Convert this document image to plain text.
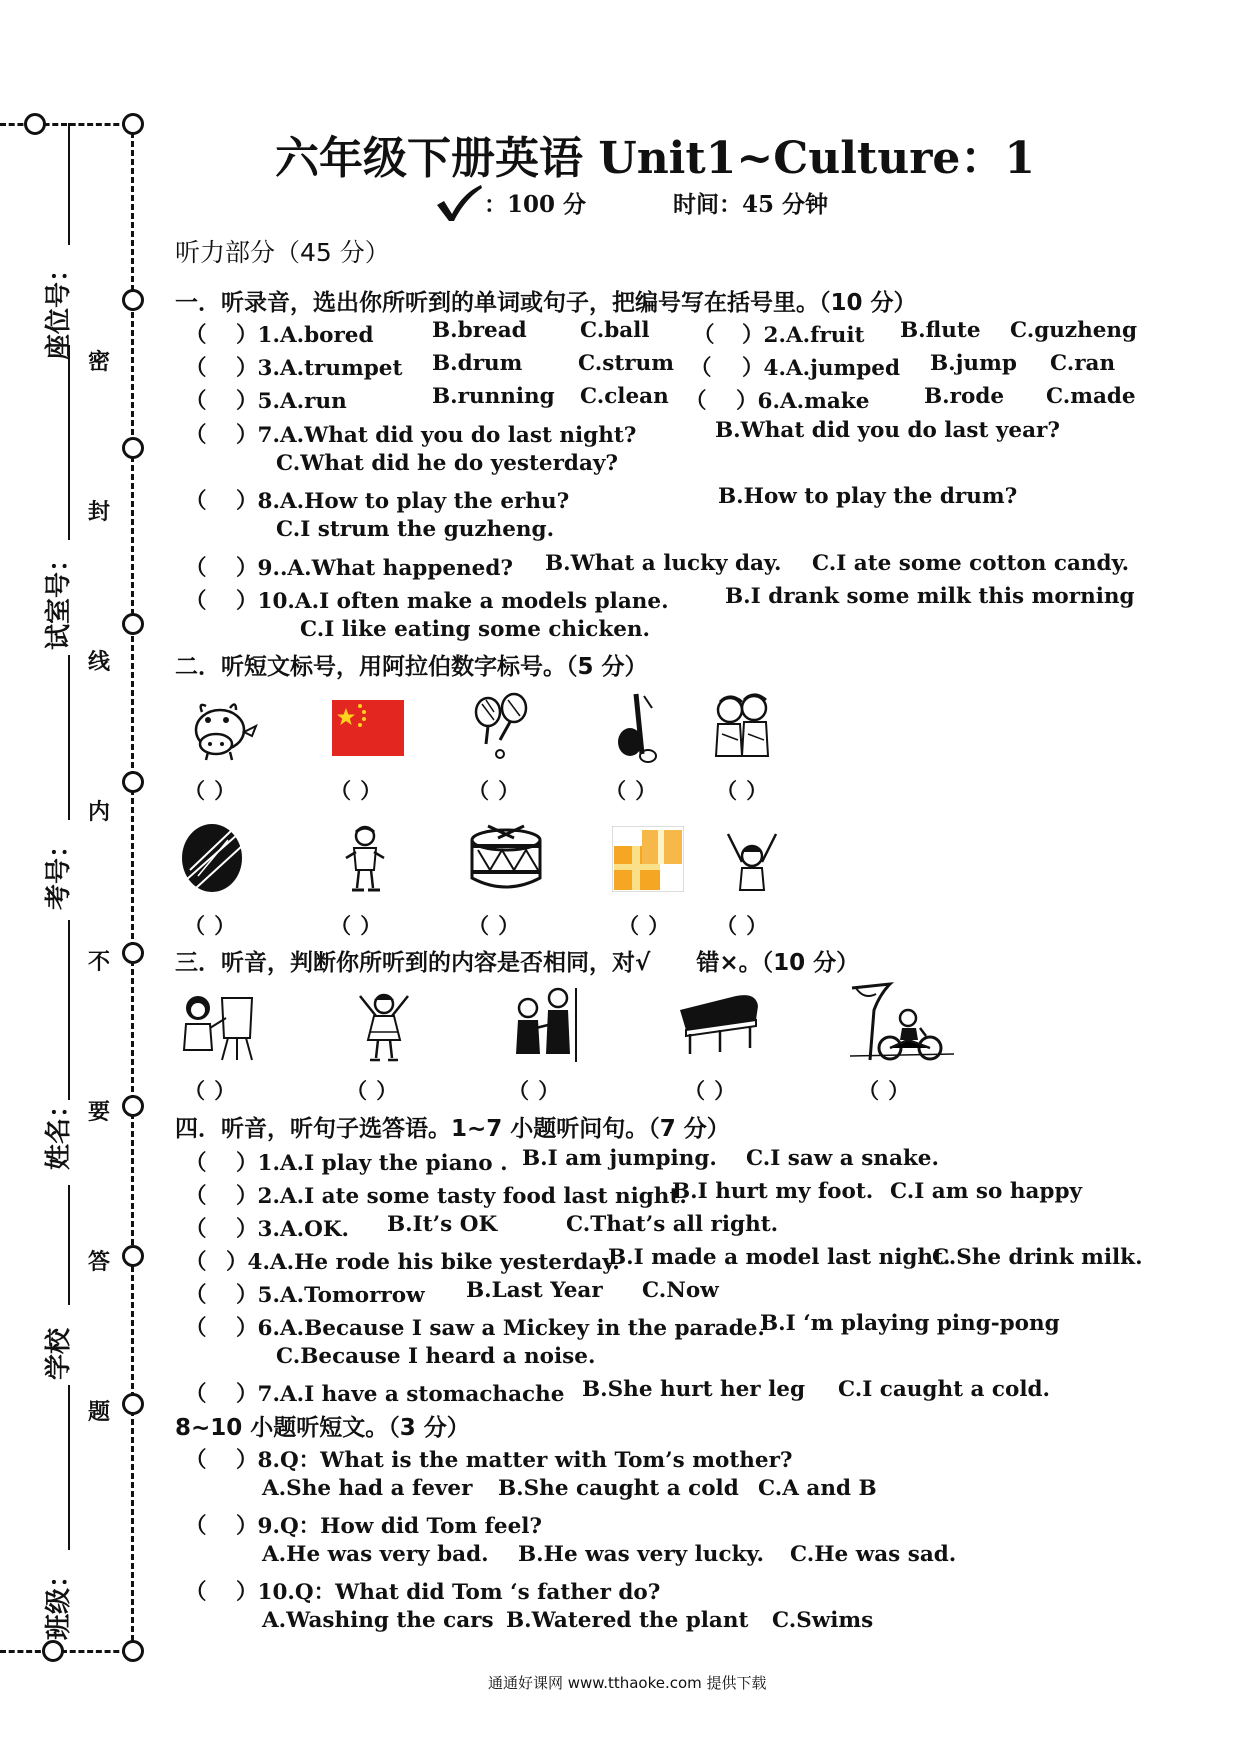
座位号：
试室号：
考号：
姓名：
学校
班级：
密
封
线
内
不
要
答
题
六年级下册英语 Unit1~Culture：1
：100 分	时间：45 分钟
听力部分（45 分）
一．听录音，选出你所听到的单词或句子，把编号写在括号里。（10 分）
（ ）1.A.bored	B.bread C.ball （ ）2.A.fruit B.flute C.guzheng
（ ）3.A.trumpet B.drum	C.strum （ ）4.A.jumped B.jump C.ran
（ ）5.A.run	B.running C.clean （ ）6.A.make	B.rode C.made
（ ）7.A.What did you do last night?	B.What did you do last year?
C.What did he do yesterday?
（ ）8.A.How to play the erhu?	B.How to play the drum?
C.I strum the guzheng.
（ ）9..A.What happened? B.What a lucky day. C.I ate some cotton candy.
（ ）10.A.I often make a models plane.	B.I drank some milk this morning
C.I like eating some chicken.
二．听短文标号，用阿拉伯数字标号。（5 分）
（ ）	（ ）	（ ）	（ ）	（ ）
（ ）	（ ）	（ ）	（ ） （ ）
三．听音，判断你所听到的内容是否相同，对√　　错×。（10 分）
（ ）	（ ）	（ ）	（ ）	（ ）
四．听音，听句子选答语。1~7 小题听问句。（7 分）
（ ）1.A.I play the piano . B.I am jumping. C.I saw a snake.
（ ）2.A.I ate some tasty food last night.
B.I hurt my foot. C.I am so happy
（ ）3.A.OK. B.It’s OK	C.That’s all right.
（ ）4.A.He rode his bike yesterday.
B.I made a model last night.
C.She drink milk.
（ ）5.A.Tomorrow B.Last Year C.Now
（ ）6.A.Because I saw a Mickey in the parade.
B.I ‘m playing ping-pong
C.Because I heard a noise.
（ ）7.A.I have a stomachache B.She hurt her leg C.I caught a cold.
8~10 小题听短文。（3 分）
（ ）8.Q：What is the matter with Tom’s mother?
A.She had a fever B.She caught a cold C.A and B
（ ）9.Q：How did Tom feel?
A.He was very bad. B.He was very lucky. C.He was sad.
（ ）10.Q：What did Tom ‘s father do?
A.Washing the cars B.Watered the plant C.Swims
通通好课网 www.tthaoke.com 提供下载
